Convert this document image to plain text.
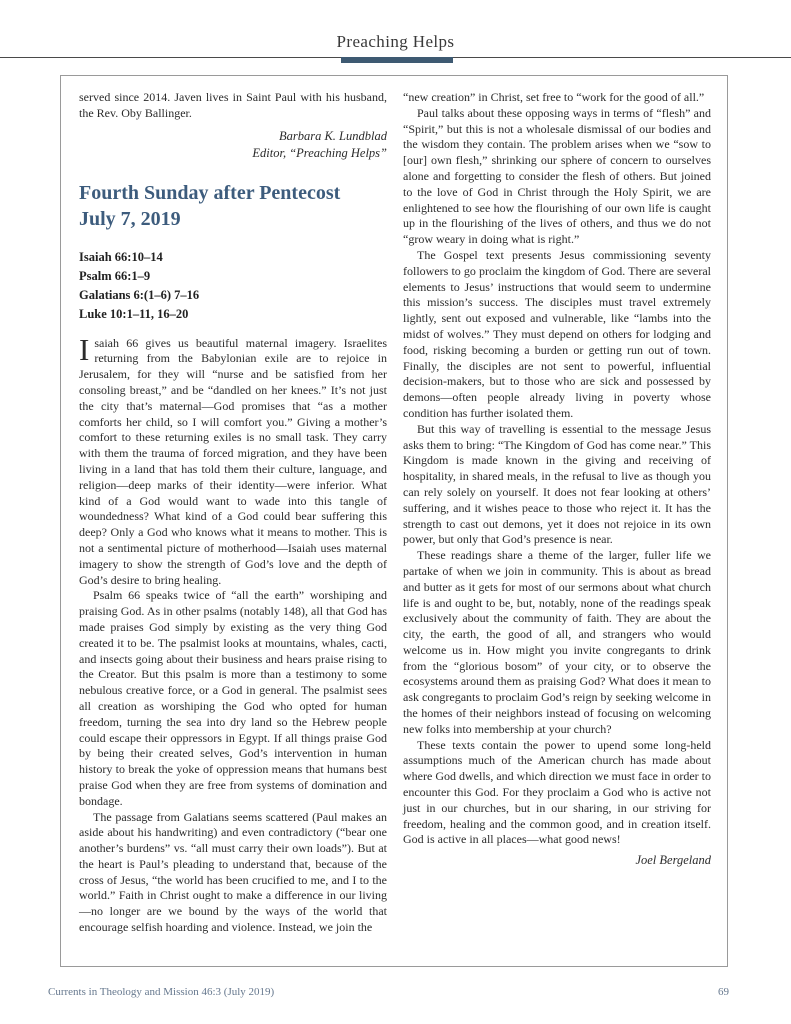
Preaching Helps

served since 2014. Javen lives in Saint Paul with his husband, the Rev. Oby Ballinger.

Barbara K. Lundblad
Editor, “Preaching Helps”
Fourth Sunday after Pentecost
July 7, 2019
Isaiah 66:10–14
Psalm 66:1–9
Galatians 6:(1–6) 7–16
Luke 10:1–11, 16–20

Isaiah 66 gives us beautiful maternal imagery. Israelites returning from the Babylonian exile are to rejoice in Jerusalem, for they will “nurse and be satisfied from her consoling breast,” and be “dandled on her knees.” It’s not just the city that’s maternal—God promises that “as a mother comforts her child, so I will comfort you.” Giving a mother’s comfort to these returning exiles is no small task. They carry with them the trauma of forced migration, and they have been living in a land that has told them their culture, language, and religion—deep marks of their identity—were inferior. What kind of a God would want to wade into this tangle of woundedness? What kind of a God could bear suffering this deep? Only a God who knows what it means to mother. This is not a sentimental picture of motherhood—Isaiah uses maternal imagery to show the strength of God’s love and the depth of God’s desire to bring healing.

Psalm 66 speaks twice of “all the earth” worshiping and praising God. As in other psalms (notably 148), all that God has made praises God simply by existing as the very thing God created it to be. The psalmist looks at mountains, whales, cacti, and insects going about their business and hears praise rising to the Creator. But this psalm is more than a testimony to some nebulous creative force, or a God in general. The psalmist sees all creation as worshiping the God who opted for human freedom, turning the sea into dry land so the Hebrew people could escape their oppressors in Egypt. If all things praise God by being their created selves, God’s intervention in human history to break the yoke of oppression means that humans best praise God when they are free from systems of domination and bondage.

The passage from Galatians seems scattered (Paul makes an aside about his handwriting) and even contradictory (“bear one another’s burdens” vs. “all must carry their own loads”). But at the heart is Paul’s pleading to understand that, because of the cross of Jesus, “the world has been crucified to me, and I to the world.” Faith in Christ ought to make a difference in our living—no longer are we bound by the ways of the world that encourage selfish hoarding and violence. Instead, we join the

“new creation” in Christ, set free to “work for the good of all.”

Paul talks about these opposing ways in terms of “flesh” and “Spirit,” but this is not a wholesale dismissal of our bodies and the wisdom they contain. The problem arises when we “sow to [our] own flesh,” shrinking our sphere of concern to ourselves alone and forgetting to consider the flesh of others. But joined to the love of God in Christ through the Holy Spirit, we are enlightened to see how the flourishing of our own life is caught up in the flourishing of the lives of others, and thus we do not “grow weary in doing what is right.”

The Gospel text presents Jesus commissioning seventy followers to go proclaim the kingdom of God. There are several elements to Jesus’ instructions that would seem to undermine this mission’s success. The disciples must travel extremely lightly, sent out exposed and vulnerable, like “lambs into the midst of wolves.” They must depend on others for lodging and food, risking becoming a burden or getting run out of town. Finally, the disciples are not sent to powerful, influential decision-makers, but to those who are sick and possessed by demons—often people already living in poverty whose condition has further isolated them.

But this way of travelling is essential to the message Jesus asks them to bring: “The Kingdom of God has come near.” This Kingdom is made known in the giving and receiving of hospitality, in shared meals, in the refusal to live as though you can rely solely on yourself. It does not fear looking at others’ suffering, and it wishes peace to those who reject it. It has the strength to cast out demons, yet it does not rejoice in its own power, but only that God’s presence is near.

These readings share a theme of the larger, fuller life we partake of when we join in community. This is about as bread and butter as it gets for most of our sermons about what church life is and ought to be, but, notably, none of the readings speak exclusively about the community of faith. They are about the city, the earth, the good of all, and strangers who would welcome us in. How might you invite congregants to drink from the “glorious bosom” of your city, or to observe the ecosystems around them as praising God? What does it mean to ask congregants to proclaim God’s reign by seeking welcome in the homes of their neighbors instead of focusing on welcoming new folks into membership at your church?

These texts contain the power to upend some long-held assumptions much of the American church has made about where God dwells, and which direction we must face in order to encounter this God. For they proclaim a God who is active not just in our churches, but in our sharing, in our striving for freedom, healing and the common good, and in creation itself. God is active in all places—what good news!

Joel Bergeland
Currents in Theology and Mission 46:3 (July 2019)	69
